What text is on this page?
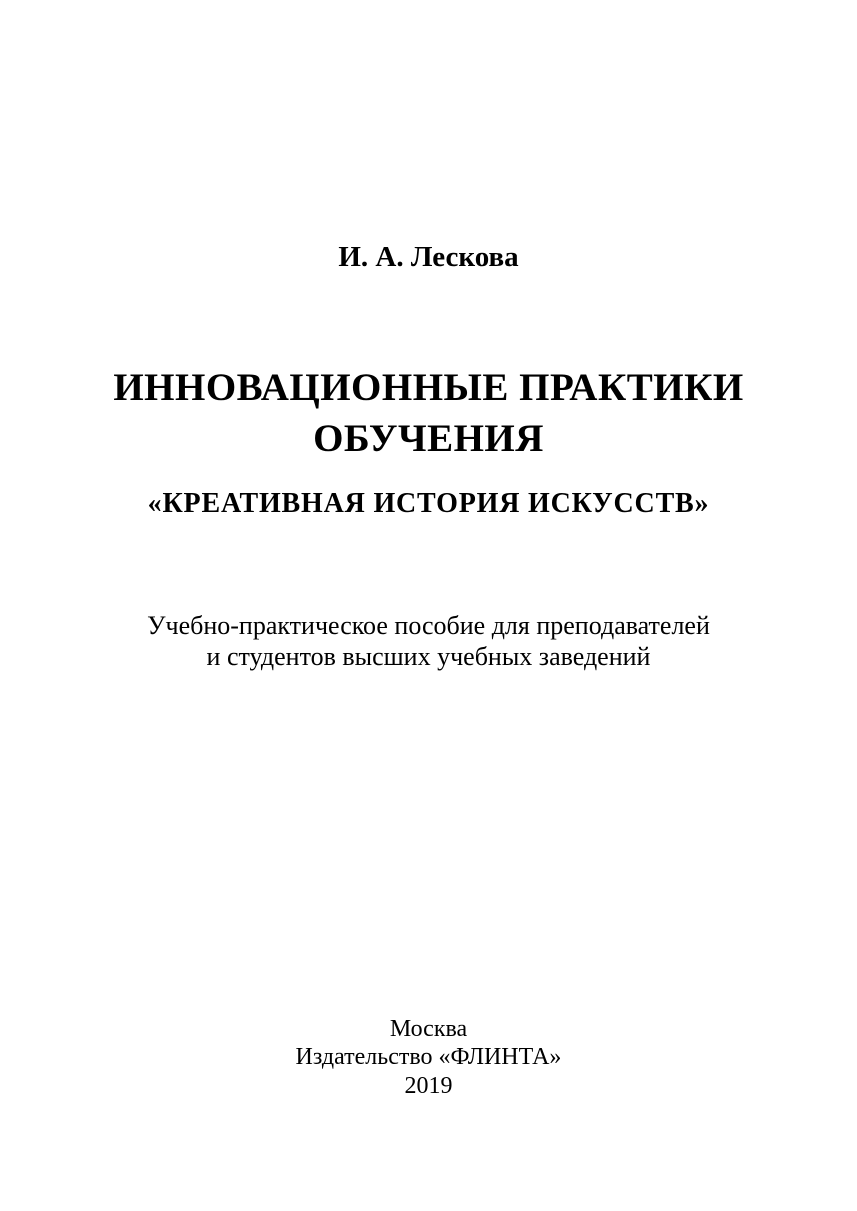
И. А. Лескова
ИННОВАЦИОННЫЕ ПРАКТИКИ
ОБУЧЕНИЯ
«КРЕАТИВНАЯ ИСТОРИЯ ИСКУССТВ»
Учебно-практическое пособие для преподавателей
и студентов высших учебных заведений
Москва
Издательство «ФЛИНТА»
2019
